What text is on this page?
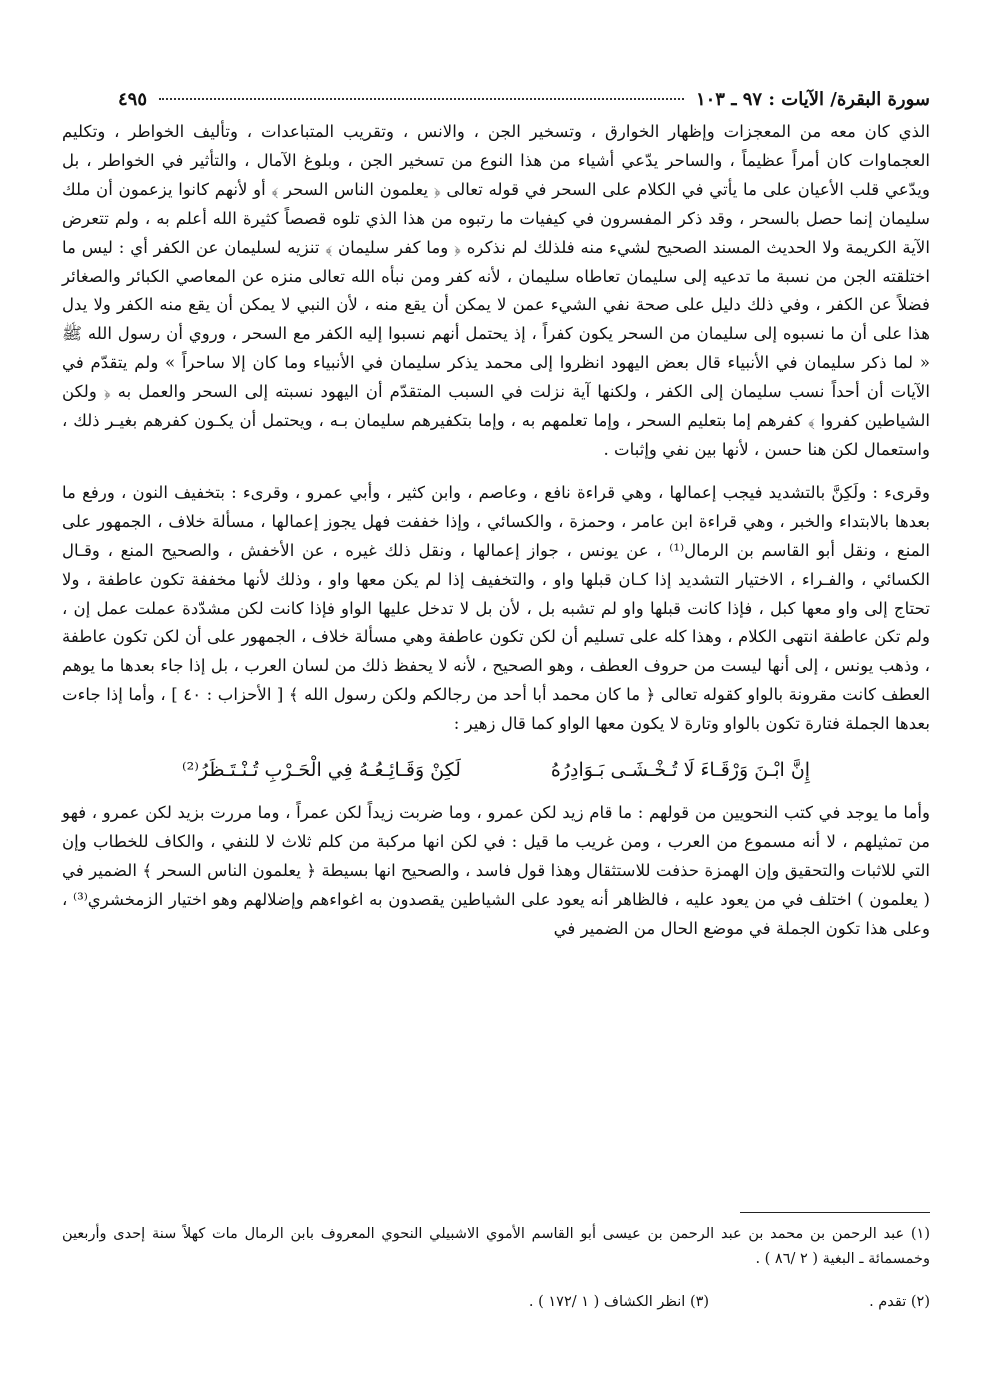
سورة البقرة/ الآيات : ٩٧ ـ ١٠٣
٤٩٥

الذي كان معه من المعجزات وإظهار الخوارق ، وتسخير الجن ، والانس ، وتقريب المتباعدات ، وتأليف الخواطر ، وتكليم العجماوات كان أمراً عظيماً ، والساحر يدّعي أشياء من هذا النوع من تسخير الجن ، وبلوغ الآمال ، والتأثير في الخواطر ، بل ويدّعي قلب الأعيان على ما يأتي في الكلام على السحر في قوله تعالى ﴿ يعلمون الناس السحر ﴾ أو لأنهم كانوا يزعمون أن ملك سليمان إنما حصل بالسحر ، وقد ذكر المفسرون في كيفيات ما رتبوه من هذا الذي تلوه قصصاً كثيرة الله أعلم به ، ولم تتعرض الآية الكريمة ولا الحديث المسند الصحيح لشيء منه فلذلك لم نذكره ﴿ وما كفر سليمان ﴾ تنزيه لسليمان عن الكفر أي : ليس ما اختلقته الجن من نسبة ما تدعيه إلى سليمان تعاطاه سليمان ، لأنه كفر ومن نبأه الله تعالى منزه عن المعاصي الكبائر والصغائر فضلاً عن الكفر ، وفي ذلك دليل على صحة نفي الشيء عمن لا يمكن أن يقع منه ، لأن النبي لا يمكن أن يقع منه الكفر ولا يدل هذا على أن ما نسبوه إلى سليمان من السحر يكون كفراً ، إذ يحتمل أنهم نسبوا إليه الكفر مع السحر ، وروي أن رسول الله ﷺ « لما ذكر سليمان في الأنبياء قال بعض اليهود انظروا إلى محمد يذكر سليمان في الأنبياء وما كان إلا ساحراً » ولم يتقدّم في الآيات أن أحداً نسب سليمان إلى الكفر ، ولكنها آية نزلت في السبب المتقدّم أن اليهود نسبته إلى السحر والعمل به ﴿ ولكن الشياطين كفروا ﴾ كفرهم إما بتعليم السحر ، وإما تعلمهم به ، وإما بتكفيرهم سليمان بـه ، ويحتمل أن يكـون كفرهم بغيـر ذلك ، واستعمال لكن هنا حسن ، لأنها بين نفي وإثبات .

وقرىء : ولَكِنَّ بالتشديد فيجب إعمالها ، وهي قراءة نافع ، وعاصم ، وابن كثير ، وأبي عمرو ، وقرىء : بتخفيف النون ، ورفع ما بعدها بالابتداء والخبر ، وهي قراءة ابن عامر ، وحمزة ، والكسائي ، وإذا خففت فهل يجوز إعمالها ، مسألة خلاف ، الجمهور على المنع ، ونقل أبو القاسم بن الرمال⁽¹⁾ ، عن يونس ، جواز إعمالها ، ونقل ذلك غيره ، عن الأخفش ، والصحيح المنع ، وقـال الكسائي ، والفـراء ، الاختيار التشديد إذا كـان قبلها واو ، والتخفيف إذا لم يكن معها واو ، وذلك لأنها مخففة تكون عاطفة ، ولا تحتاج إلى واو معها كبل ، فإذا كانت قبلها واو لم تشبه بل ، لأن بل لا تدخل عليها الواو فإذا كانت لكن مشدّدة عملت عمل إن ، ولم تكن عاطفة انتهى الكلام ، وهذا كله على تسليم أن لكن تكون عاطفة وهي مسألة خلاف ، الجمهور على أن لكن تكون عاطفة ، وذهب يونس ، إلى أنها ليست من حروف العطف ، وهو الصحيح ، لأنه لا يحفظ ذلك من لسان العرب ، بل إذا جاء بعدها ما يوهم العطف كانت مقرونة بالواو كقوله تعالى ﴿ ما كان محمد أبا أحد من رجالكم ولكن رسول الله ﴾ [ الأحزاب : ٤٠ ] ، وأما إذا جاءت بعدها الجملة فتارة تكون بالواو وتارة لا يكون معها الواو كما قال زهير :

إِنَّ ابْـنَ وَرْقَـاءَ لَا تُـخْـشَـى بَـوَادِرُهُ
لَكِنْ وَقَـائِـعُـهُ فِي الْحَـرْبِ تُـنْـتَـظَرُ⁽²⁾

وأما ما يوجد في كتب النحويين من قولهم : ما قام زيد لكن عمرو ، وما ضربت زيداً لكن عمراً ، وما مررت بزيد لكن عمرو ، فهو من تمثيلهم ، لا أنه مسموع من العرب ، ومن غريب ما قيل : في لكن انها مركبة من كلم ثلاث لا للنفي ، والكاف للخطاب وإن التي للاثبات والتحقيق وإن الهمزة حذفت للاستثقال وهذا قول فاسد ، والصحيح انها بسيطة ﴿ يعلمون الناس السحر ﴾ الضمير في ( يعلمون ) اختلف في من يعود عليه ، فالظاهر أنه يعود على الشياطين يقصدون به اغواءهم وإضلالهم وهو اختيار الزمخشري⁽³⁾ ، وعلى هذا تكون الجملة في موضع الحال من الضمير في

(١) عبد الرحمن بن محمد بن عبد الرحمن بن عيسى أبو القاسم الأموي الاشبيلي النحوي المعروف بابن الرمال مات كهلاً سنة إحدى وأربعين وخمسمائة ـ البغية ( ٢ /٨٦ ) .

(٢) تقدم .
(٣) انظر الكشاف ( ١ /١٧٢ ) .
